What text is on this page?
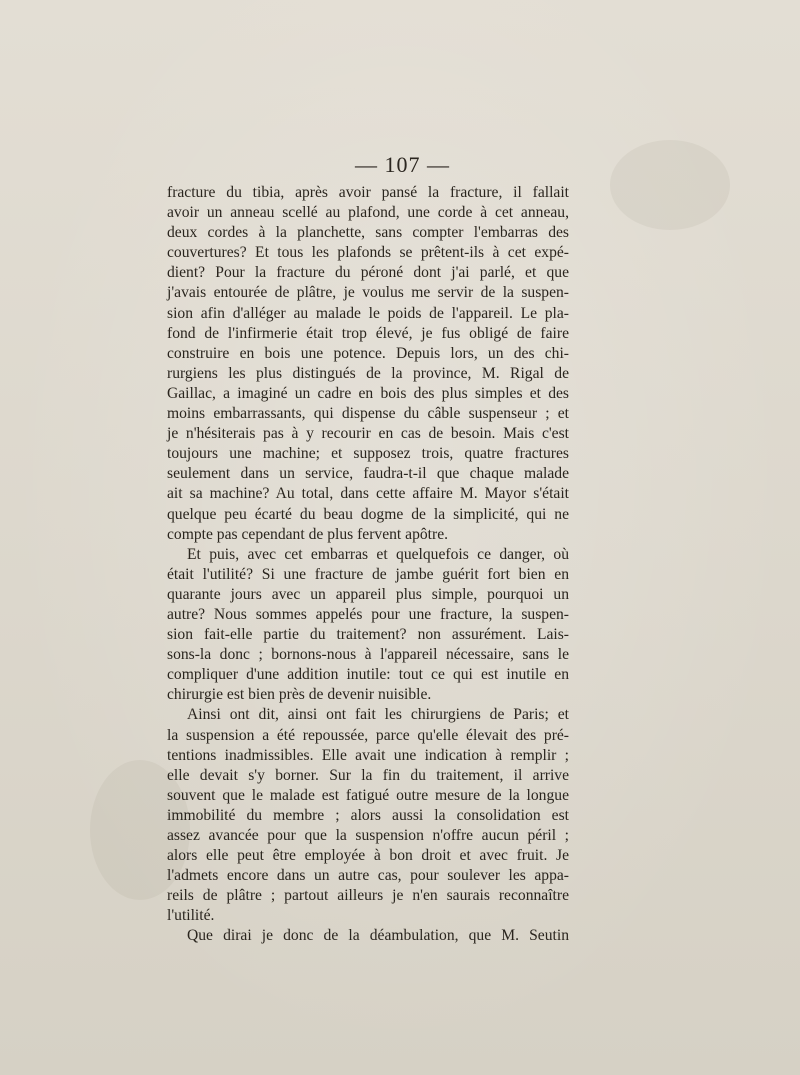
— 107 —
fracture du tibia, après avoir pansé la fracture, il fallait
avoir un anneau scellé au plafond, une corde à cet anneau,
deux cordes à la planchette, sans compter l'embarras des
couvertures? Et tous les plafonds se prêtent-ils à cet expé-
dient? Pour la fracture du péroné dont j'ai parlé, et que
j'avais entourée de plâtre, je voulus me servir de la suspen-
sion afin d'alléger au malade le poids de l'appareil. Le pla-
fond de l'infirmerie était trop élevé, je fus obligé de faire
construire en bois une potence. Depuis lors, un des chi-
rurgiens les plus distingués de la province, M. Rigal de
Gaillac, a imaginé un cadre en bois des plus simples et des
moins embarrassants, qui dispense du câble suspenseur ; et
je n'hésiterais pas à y recourir en cas de besoin. Mais c'est
toujours une machine; et supposez trois, quatre fractures
seulement dans un service, faudra-t-il que chaque malade
ait sa machine? Au total, dans cette affaire M. Mayor s'était
quelque peu écarté du beau dogme de la simplicité, qui ne
compte pas cependant de plus fervent apôtre.
Et puis, avec cet embarras et quelquefois ce danger, où
était l'utilité? Si une fracture de jambe guérit fort bien en
quarante jours avec un appareil plus simple, pourquoi un
autre? Nous sommes appelés pour une fracture, la suspen-
sion fait-elle partie du traitement? non assurément. Lais-
sons-la donc ; bornons-nous à l'appareil nécessaire, sans le
compliquer d'une addition inutile: tout ce qui est inutile en
chirurgie est bien près de devenir nuisible.
Ainsi ont dit, ainsi ont fait les chirurgiens de Paris; et
la suspension a été repoussée, parce qu'elle élevait des pré-
tentions inadmissibles. Elle avait une indication à remplir ;
elle devait s'y borner. Sur la fin du traitement, il arrive
souvent que le malade est fatigué outre mesure de la longue
immobilité du membre ; alors aussi la consolidation est
assez avancée pour que la suspension n'offre aucun péril ;
alors elle peut être employée à bon droit et avec fruit. Je
l'admets encore dans un autre cas, pour soulever les appa-
reils de plâtre ; partout ailleurs je n'en saurais reconnaître
l'utilité.
Que dirai je donc de la déambulation, que M. Seutin
